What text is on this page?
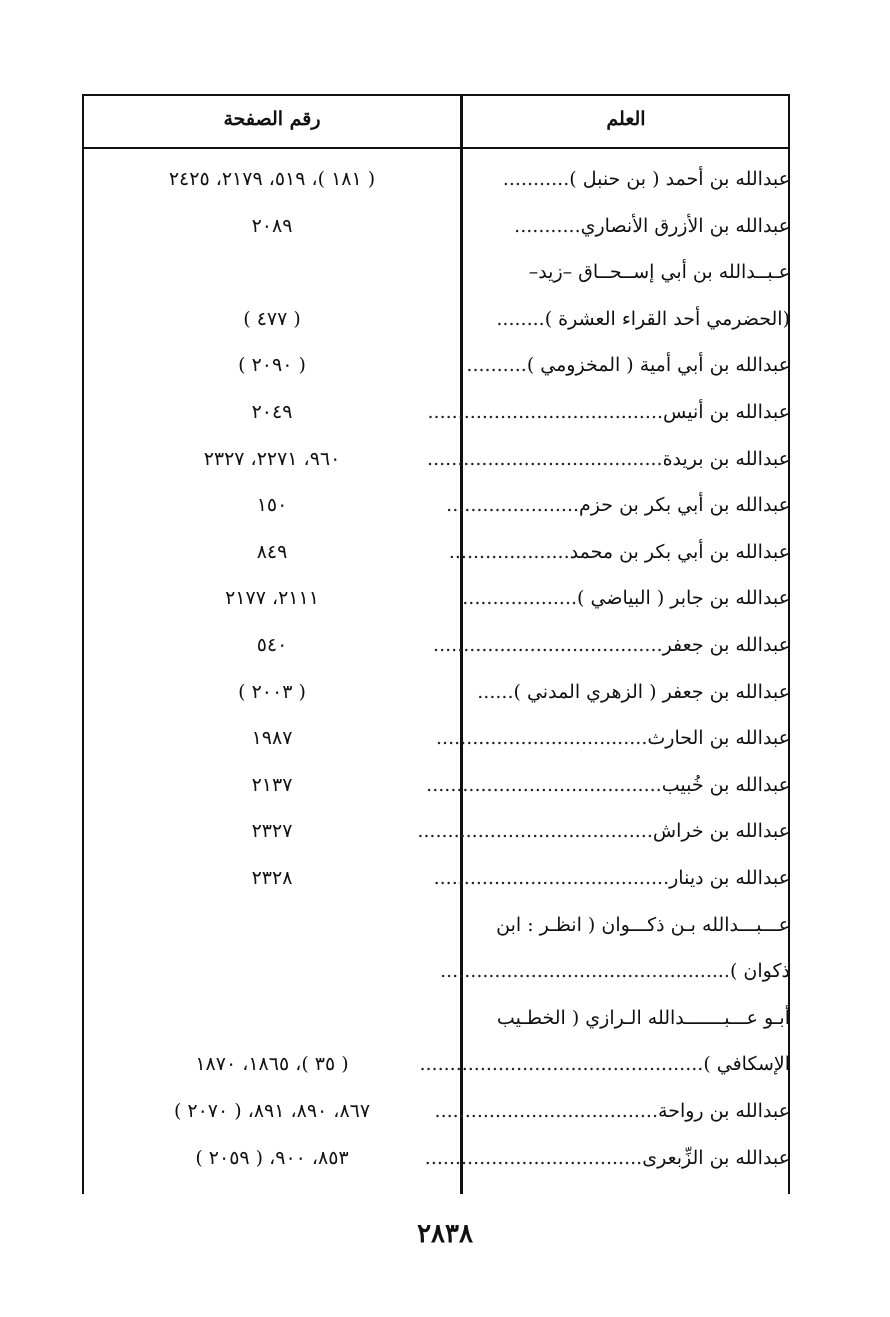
العلم
رقم الصفحة
عبدالله بن أحمد ( بن حنبل )...........
( ١٨١ )، ٥١٩، ٢١٧٩، ٢٤٢٥
عبدالله بن الأزرق الأنصاري...........
٢٠٨٩
عـبــدالله بن أبي إســحــاق –زيد–
(الحضرمي أحد القراء العشرة )........
( ٤٧٧ )
عبدالله بن أبي أمية ( المخزومي )..........
( ٢٠٩٠ )
عبدالله بن أنيس.......................................
٢٠٤٩
عبدالله بن بريدة.......................................
٩٦٠، ٢٢٧١، ٢٣٢٧
عبدالله بن أبي بكر بن حزم......................
١٥٠
عبدالله بن أبي بكر بن محمد....................
٨٤٩
عبدالله بن جابر ( البياضي )...................
٢١١١، ٢١٧٧
عبدالله بن جعفر......................................
٥٤٠
عبدالله بن جعفر ( الزهري المدني )......
( ٢٠٠٣ )
عبدالله بن الحارث...................................
١٩٨٧
عبدالله بن خُبيب.......................................
٢١٣٧
عبدالله بن خراش.......................................
٢٣٢٧
عبدالله بن دينار.......................................
٢٣٢٨
عـــبـــدالله بـن ذكـــوان ( انظـر : ابن
ذكوان )................................................
أبـو عـــبـــــــدالله الـرازي ( الخطـيب
الإسكافي )...............................................
( ٣٥ )، ١٨٦٥، ١٨٧٠
عبدالله بن رواحة.....................................
٨٦٧، ٨٩٠، ٨٩١، ( ٢٠٧٠ )
عبدالله بن الزِّبعرى....................................
٨٥٣، ٩٠٠، ( ٢٠٥٩ )
٢٨٣٨
